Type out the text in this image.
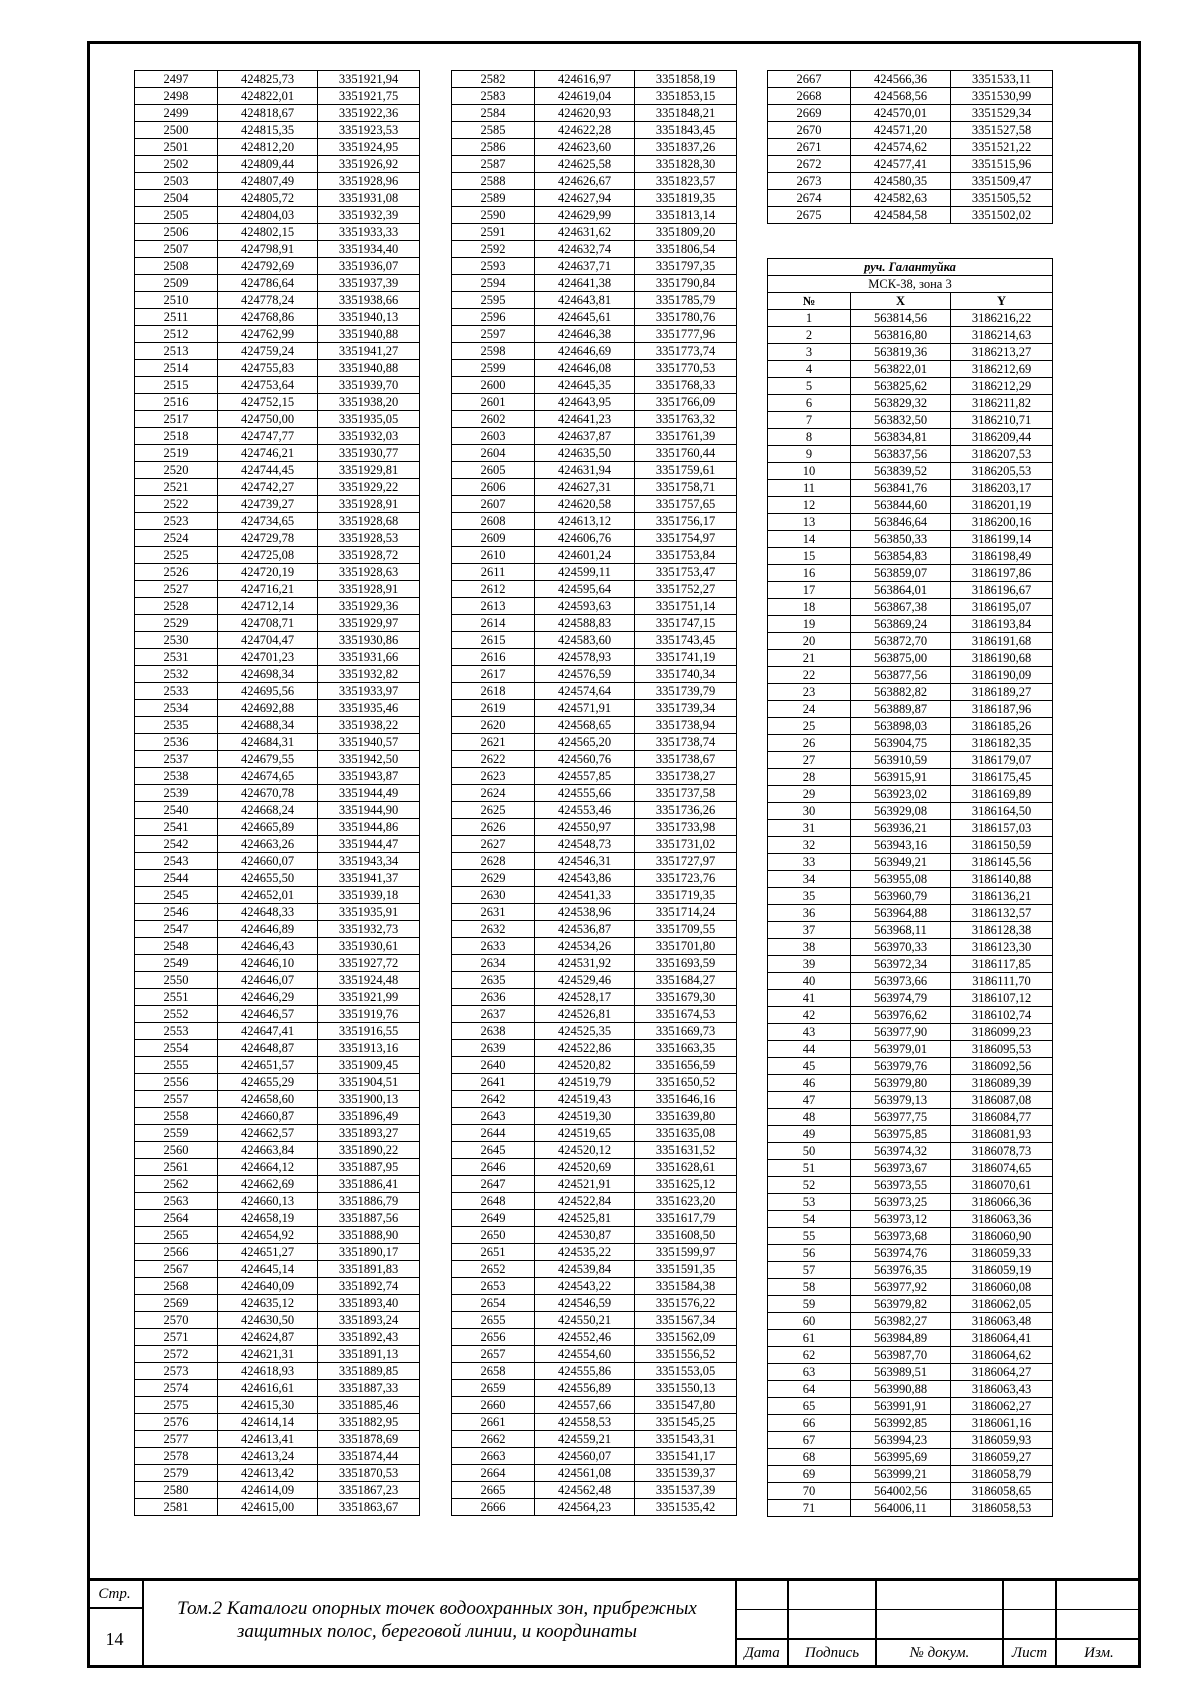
2497	424825,73	3351921,94
2498	424822,01	3351921,75
2499	424818,67	3351922,36
2500	424815,35	3351923,53
2501	424812,20	3351924,95
2502	424809,44	3351926,92
2503	424807,49	3351928,96
2504	424805,72	3351931,08
2505	424804,03	3351932,39
2506	424802,15	3351933,33
2507	424798,91	3351934,40
2508	424792,69	3351936,07
2509	424786,64	3351937,39
2510	424778,24	3351938,66
2511	424768,86	3351940,13
2512	424762,99	3351940,88
2513	424759,24	3351941,27
2514	424755,83	3351940,88
2515	424753,64	3351939,70
2516	424752,15	3351938,20
2517	424750,00	3351935,05
2518	424747,77	3351932,03
2519	424746,21	3351930,77
2520	424744,45	3351929,81
2521	424742,27	3351929,22
2522	424739,27	3351928,91
2523	424734,65	3351928,68
2524	424729,78	3351928,53
2525	424725,08	3351928,72
2526	424720,19	3351928,63
2527	424716,21	3351928,91
2528	424712,14	3351929,36
2529	424708,71	3351929,97
2530	424704,47	3351930,86
2531	424701,23	3351931,66
2532	424698,34	3351932,82
2533	424695,56	3351933,97
2534	424692,88	3351935,46
2535	424688,34	3351938,22
2536	424684,31	3351940,57
2537	424679,55	3351942,50
2538	424674,65	3351943,87
2539	424670,78	3351944,49
2540	424668,24	3351944,90
2541	424665,89	3351944,86
2542	424663,26	3351944,47
2543	424660,07	3351943,34
2544	424655,50	3351941,37
2545	424652,01	3351939,18
2546	424648,33	3351935,91
2547	424646,89	3351932,73
2548	424646,43	3351930,61
2549	424646,10	3351927,72
2550	424646,07	3351924,48
2551	424646,29	3351921,99
2552	424646,57	3351919,76
2553	424647,41	3351916,55
2554	424648,87	3351913,16
2555	424651,57	3351909,45
2556	424655,29	3351904,51
2557	424658,60	3351900,13
2558	424660,87	3351896,49
2559	424662,57	3351893,27
2560	424663,84	3351890,22
2561	424664,12	3351887,95
2562	424662,69	3351886,41
2563	424660,13	3351886,79
2564	424658,19	3351887,56
2565	424654,92	3351888,90
2566	424651,27	3351890,17
2567	424645,14	3351891,83
2568	424640,09	3351892,74
2569	424635,12	3351893,40
2570	424630,50	3351893,24
2571	424624,87	3351892,43
2572	424621,31	3351891,13
2573	424618,93	3351889,85
2574	424616,61	3351887,33
2575	424615,30	3351885,46
2576	424614,14	3351882,95
2577	424613,41	3351878,69
2578	424613,24	3351874,44
2579	424613,42	3351870,53
2580	424614,09	3351867,23
2581	424615,00	3351863,67
2582	424616,97	3351858,19
2583	424619,04	3351853,15
2584	424620,93	3351848,21
2585	424622,28	3351843,45
2586	424623,60	3351837,26
2587	424625,58	3351828,30
2588	424626,67	3351823,57
2589	424627,94	3351819,35
2590	424629,99	3351813,14
2591	424631,62	3351809,20
2592	424632,74	3351806,54
2593	424637,71	3351797,35
2594	424641,38	3351790,84
2595	424643,81	3351785,79
2596	424645,61	3351780,76
2597	424646,38	3351777,96
2598	424646,69	3351773,74
2599	424646,08	3351770,53
2600	424645,35	3351768,33
2601	424643,95	3351766,09
2602	424641,23	3351763,32
2603	424637,87	3351761,39
2604	424635,50	3351760,44
2605	424631,94	3351759,61
2606	424627,31	3351758,71
2607	424620,58	3351757,65
2608	424613,12	3351756,17
2609	424606,76	3351754,97
2610	424601,24	3351753,84
2611	424599,11	3351753,47
2612	424595,64	3351752,27
2613	424593,63	3351751,14
2614	424588,83	3351747,15
2615	424583,60	3351743,45
2616	424578,93	3351741,19
2617	424576,59	3351740,34
2618	424574,64	3351739,79
2619	424571,91	3351739,34
2620	424568,65	3351738,94
2621	424565,20	3351738,74
2622	424560,76	3351738,67
2623	424557,85	3351738,27
2624	424555,66	3351737,58
2625	424553,46	3351736,26
2626	424550,97	3351733,98
2627	424548,73	3351731,02
2628	424546,31	3351727,97
2629	424543,86	3351723,76
2630	424541,33	3351719,35
2631	424538,96	3351714,24
2632	424536,87	3351709,55
2633	424534,26	3351701,80
2634	424531,92	3351693,59
2635	424529,46	3351684,27
2636	424528,17	3351679,30
2637	424526,81	3351674,53
2638	424525,35	3351669,73
2639	424522,86	3351663,35
2640	424520,82	3351656,59
2641	424519,79	3351650,52
2642	424519,43	3351646,16
2643	424519,30	3351639,80
2644	424519,65	3351635,08
2645	424520,12	3351631,52
2646	424520,69	3351628,61
2647	424521,91	3351625,12
2648	424522,84	3351623,20
2649	424525,81	3351617,79
2650	424530,87	3351608,50
2651	424535,22	3351599,97
2652	424539,84	3351591,35
2653	424543,22	3351584,38
2654	424546,59	3351576,22
2655	424550,21	3351567,34
2656	424552,46	3351562,09
2657	424554,60	3351556,52
2658	424555,86	3351553,05
2659	424556,89	3351550,13
2660	424557,66	3351547,80
2661	424558,53	3351545,25
2662	424559,21	3351543,31
2663	424560,07	3351541,17
2664	424561,08	3351539,37
2665	424562,48	3351537,39
2666	424564,23	3351535,42
2667	424566,36	3351533,11
2668	424568,56	3351530,99
2669	424570,01	3351529,34
2670	424571,20	3351527,58
2671	424574,62	3351521,22
2672	424577,41	3351515,96
2673	424580,35	3351509,47
2674	424582,63	3351505,52
2675	424584,58	3351502,02
руч. Галантуйка		
МСК-38, зона 3		
№	X	Y
1	563814,56	3186216,22
2	563816,80	3186214,63
3	563819,36	3186213,27
4	563822,01	3186212,69
5	563825,62	3186212,29
6	563829,32	3186211,82
7	563832,50	3186210,71
8	563834,81	3186209,44
9	563837,56	3186207,53
10	563839,52	3186205,53
11	563841,76	3186203,17
12	563844,60	3186201,19
13	563846,64	3186200,16
14	563850,33	3186199,14
15	563854,83	3186198,49
16	563859,07	3186197,86
17	563864,01	3186196,67
18	563867,38	3186195,07
19	563869,24	3186193,84
20	563872,70	3186191,68
21	563875,00	3186190,68
22	563877,56	3186190,09
23	563882,82	3186189,27
24	563889,87	3186187,96
25	563898,03	3186185,26
26	563904,75	3186182,35
27	563910,59	3186179,07
28	563915,91	3186175,45
29	563923,02	3186169,89
30	563929,08	3186164,50
31	563936,21	3186157,03
32	563943,16	3186150,59
33	563949,21	3186145,56
34	563955,08	3186140,88
35	563960,79	3186136,21
36	563964,88	3186132,57
37	563968,11	3186128,38
38	563970,33	3186123,30
39	563972,34	3186117,85
40	563973,66	3186111,70
41	563974,79	3186107,12
42	563976,62	3186102,74
43	563977,90	3186099,23
44	563979,01	3186095,53
45	563979,76	3186092,56
46	563979,80	3186089,39
47	563979,13	3186087,08
48	563977,75	3186084,77
49	563975,85	3186081,93
50	563974,32	3186078,73
51	563973,67	3186074,65
52	563973,55	3186070,61
53	563973,25	3186066,36
54	563973,12	3186063,36
55	563973,68	3186060,90
56	563974,76	3186059,33
57	563976,35	3186059,19
58	563977,92	3186060,08
59	563979,82	3186062,05
60	563982,27	3186063,48
61	563984,89	3186064,41
62	563987,70	3186064,62
63	563989,51	3186064,27
64	563990,88	3186063,43
65	563991,91	3186062,27
66	563992,85	3186061,16
67	563994,23	3186059,93
68	563995,69	3186059,27
69	563999,21	3186058,79
70	564002,56	3186058,65
71	564006,11	3186058,53
Стр.
14
Том.2 Каталоги опорных точек водоохранных зон, прибрежных защитных полос, береговой линии, и координаты
Дата	Подпись	№ докум.	Лист	Изм.
